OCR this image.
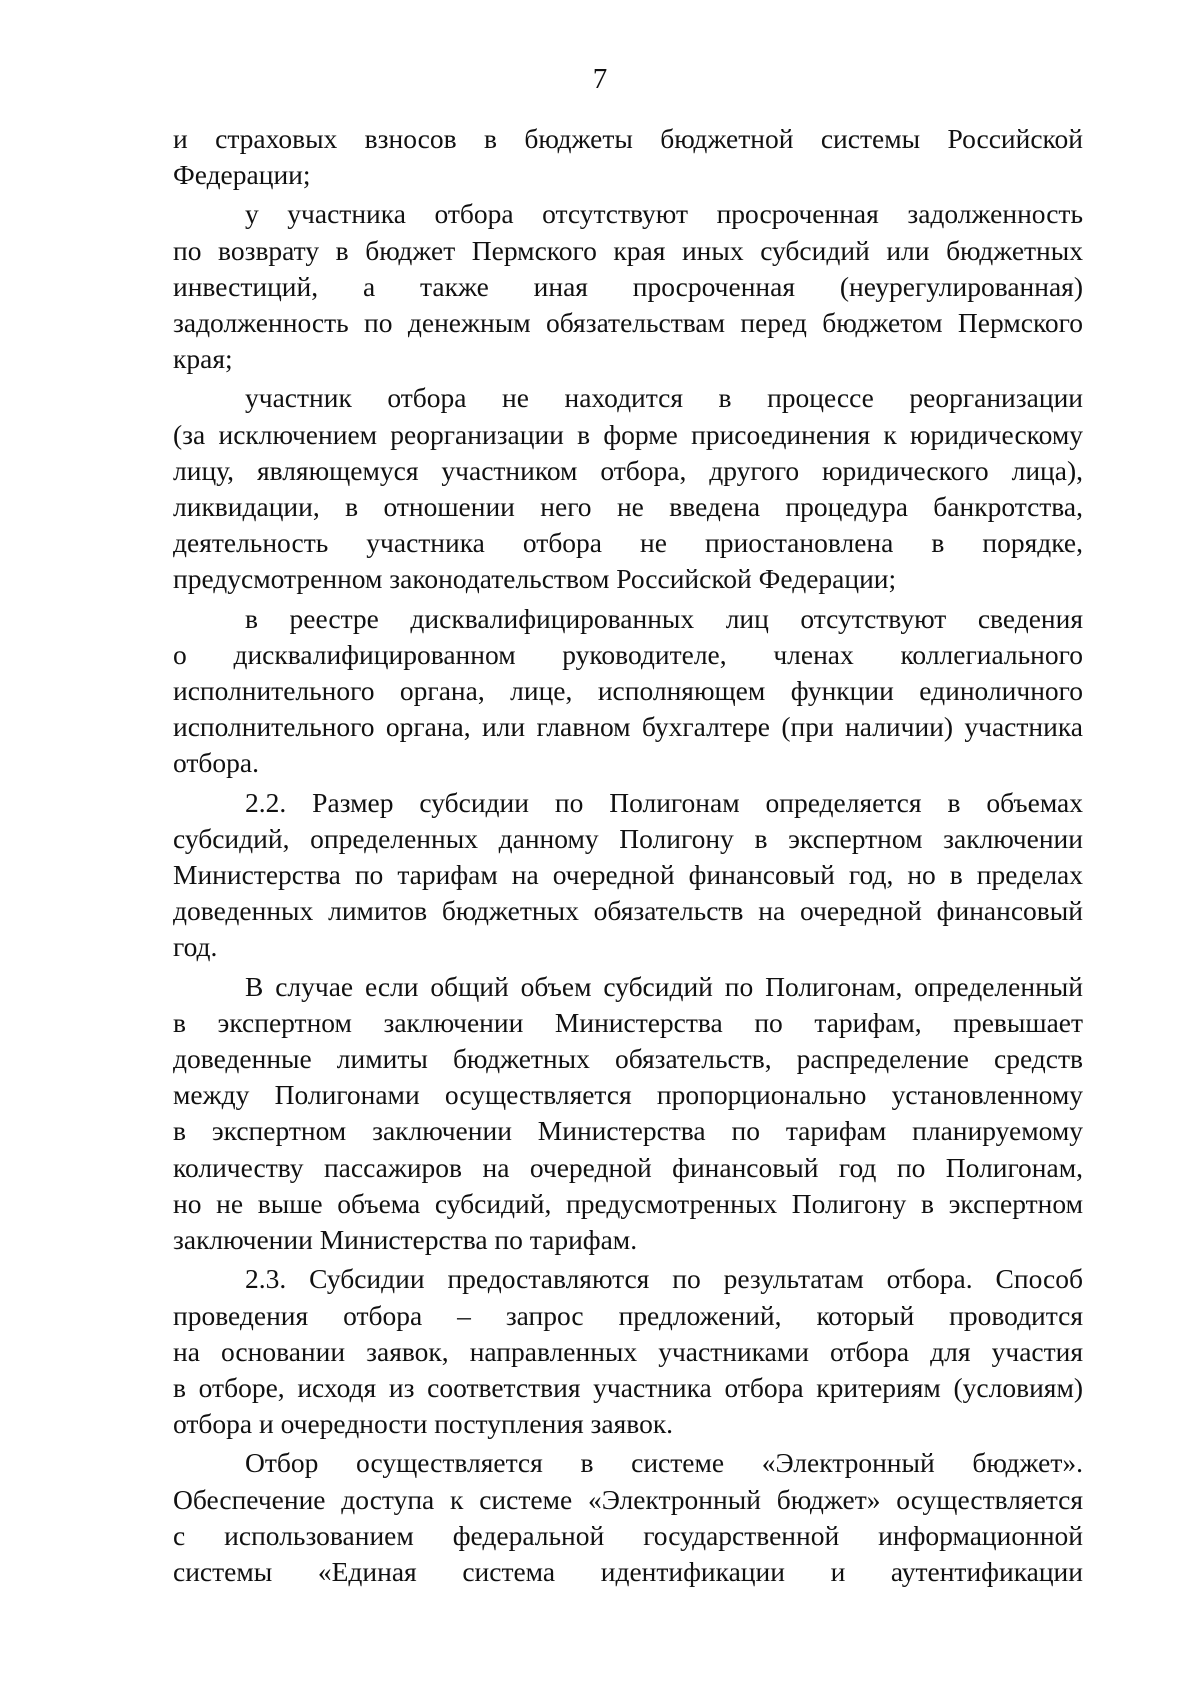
7

и страховых взносов в бюджеты бюджетной системы Российской
Федерации;

у участника отбора отсутствуют просроченная задолженность
по возврату в бюджет Пермского края иных субсидий или бюджетных
инвестиций, а также иная просроченная (неурегулированная)
задолженность по денежным обязательствам перед бюджетом Пермского
края;

участник отбора не находится в процессе реорганизации
(за исключением реорганизации в форме присоединения к юридическому
лицу, являющемуся участником отбора, другого юридического лица),
ликвидации, в отношении него не введена процедура банкротства,
деятельность участника отбора не приостановлена в порядке,
предусмотренном законодательством Российской Федерации;

в реестре дисквалифицированных лиц отсутствуют сведения
о дисквалифицированном руководителе, членах коллегиального
исполнительного органа, лице, исполняющем функции единоличного
исполнительного органа, или главном бухгалтере (при наличии) участника
отбора.

2.2. Размер субсидии по Полигонам определяется в объемах
субсидий, определенных данному Полигону в экспертном заключении
Министерства по тарифам на очередной финансовый год, но в пределах
доведенных лимитов бюджетных обязательств на очередной финансовый
год.

В случае если общий объем субсидий по Полигонам, определенный
в экспертном заключении Министерства по тарифам, превышает
доведенные лимиты бюджетных обязательств, распределение средств
между Полигонами осуществляется пропорционально установленному
в экспертном заключении Министерства по тарифам планируемому
количеству пассажиров на очередной финансовый год по Полигонам,
но не выше объема субсидий, предусмотренных Полигону в экспертном
заключении Министерства по тарифам.

2.3. Субсидии предоставляются по результатам отбора. Способ
проведения отбора – запрос предложений, который проводится
на основании заявок, направленных участниками отбора для участия
в отборе, исходя из соответствия участника отбора критериям (условиям)
отбора и очередности поступления заявок.

Отбор осуществляется в системе «Электронный бюджет».
Обеспечение доступа к системе «Электронный бюджет» осуществляется
с использованием федеральной государственной информационной
системы «Единая система идентификации и аутентификации
